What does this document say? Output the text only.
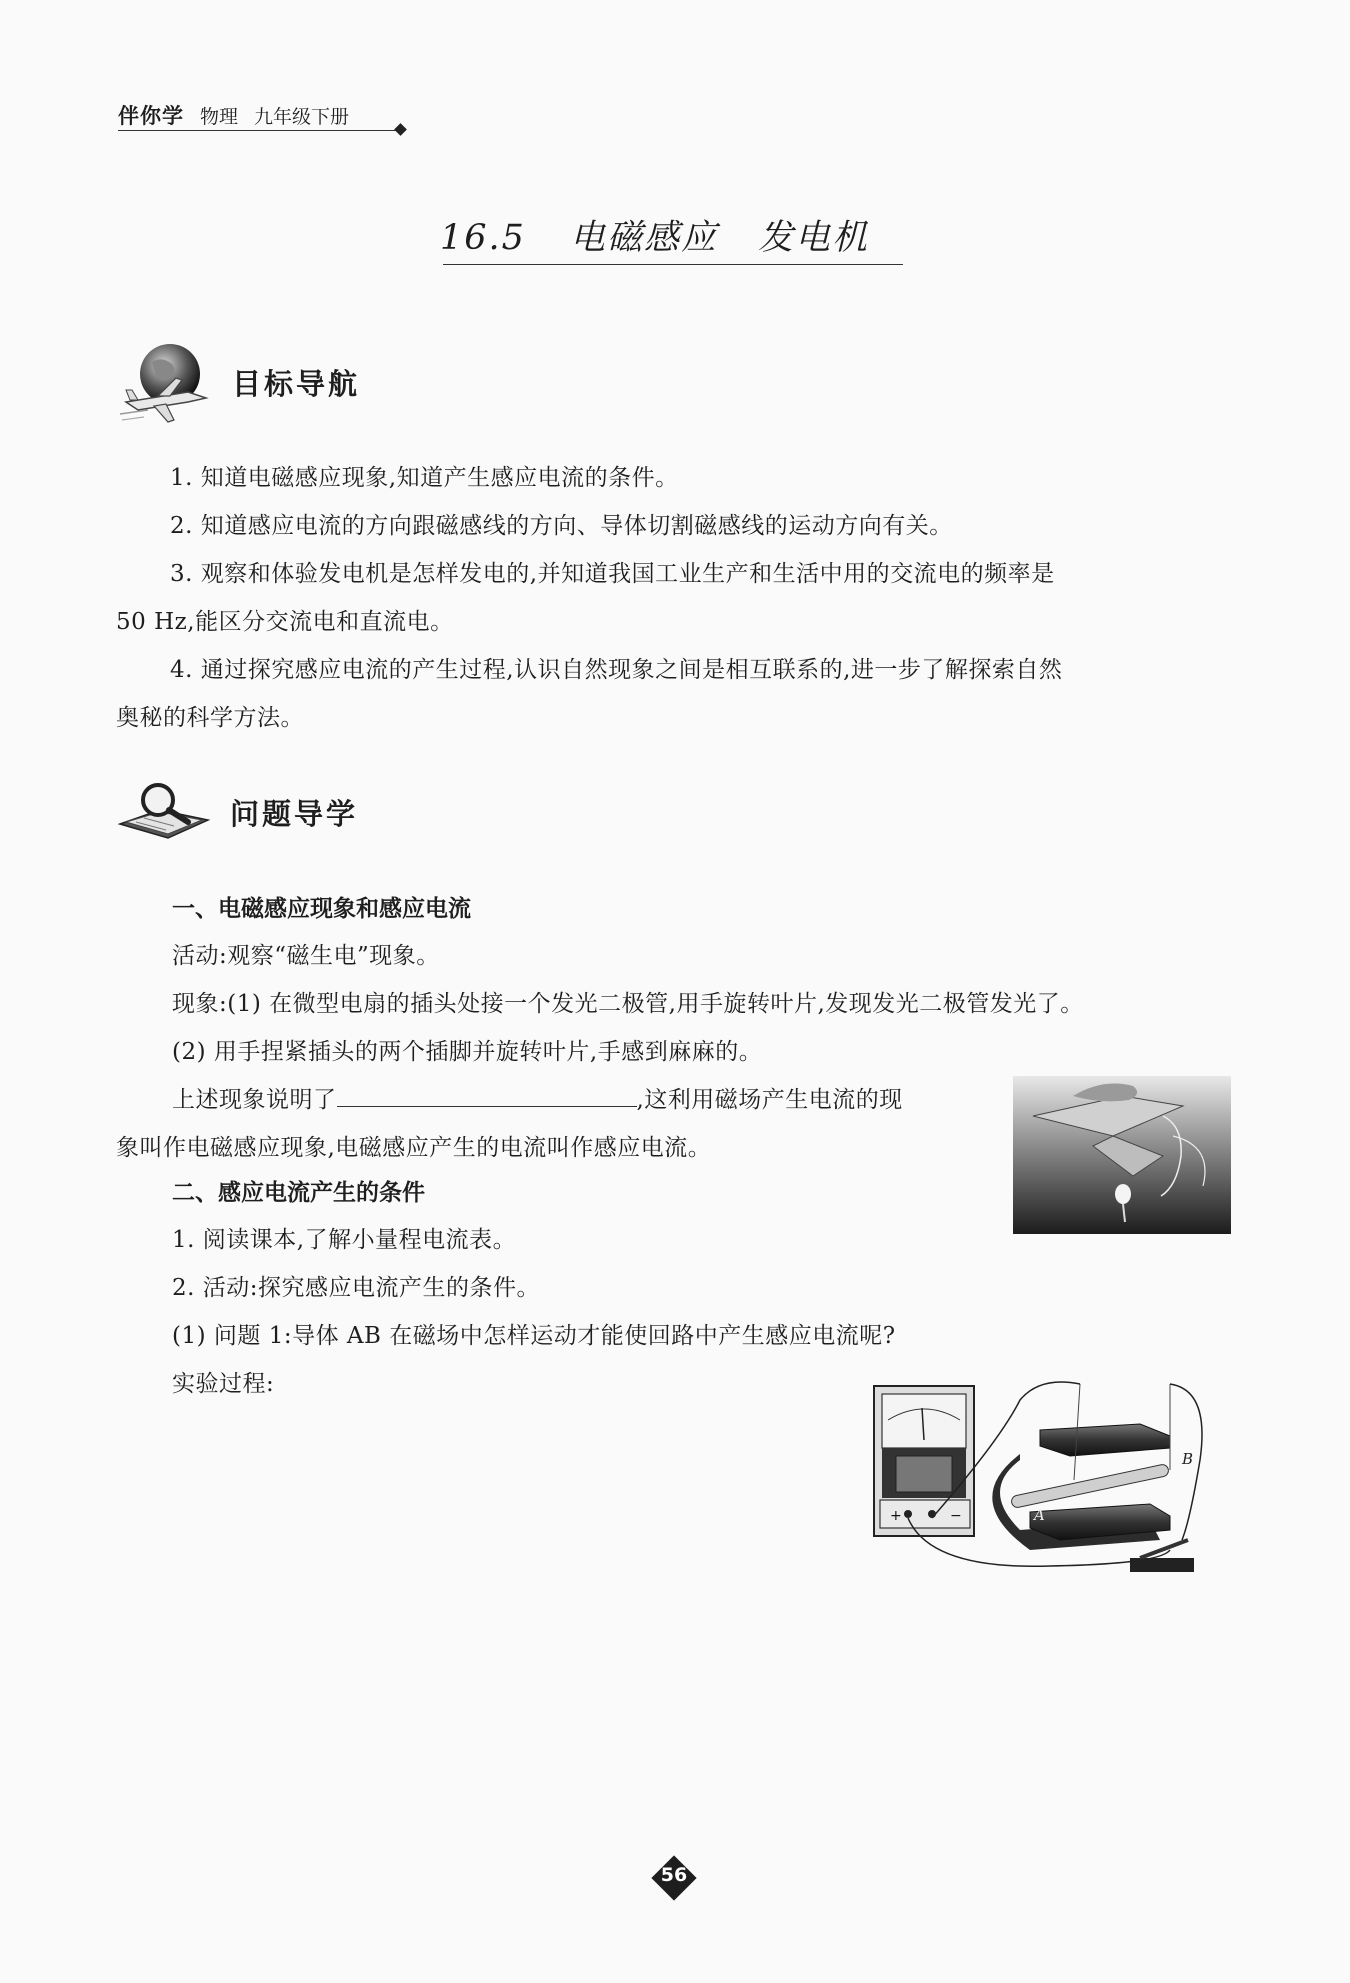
伴你学 物理 九年级下册
16.5 电磁感应 发电机
目标导航
1. 知道电磁感应现象,知道产生感应电流的条件。
2. 知道感应电流的方向跟磁感线的方向、导体切割磁感线的运动方向有关。
3. 观察和体验发电机是怎样发电的,并知道我国工业生产和生活中用的交流电的频率是
50 Hz,能区分交流电和直流电。
4. 通过探究感应电流的产生过程,认识自然现象之间是相互联系的,进一步了解探索自然
奥秘的科学方法。
问题导学
一、电磁感应现象和感应电流
活动:观察“磁生电”现象。
现象:(1) 在微型电扇的插头处接一个发光二极管,用手旋转叶片,发现发光二极管发光了。
(2) 用手捏紧插头的两个插脚并旋转叶片,手感到麻麻的。
上述现象说明了	,这利用磁场产生电流的现
象叫作电磁感应现象,电磁感应产生的电流叫作感应电流。
二、感应电流产生的条件
1. 阅读课本,了解小量程电流表。
2. 活动:探究感应电流产生的条件。
(1) 问题 1:导体 AB 在磁场中怎样运动才能使回路中产生感应电流呢?
实验过程:
+	−	A
B
56
